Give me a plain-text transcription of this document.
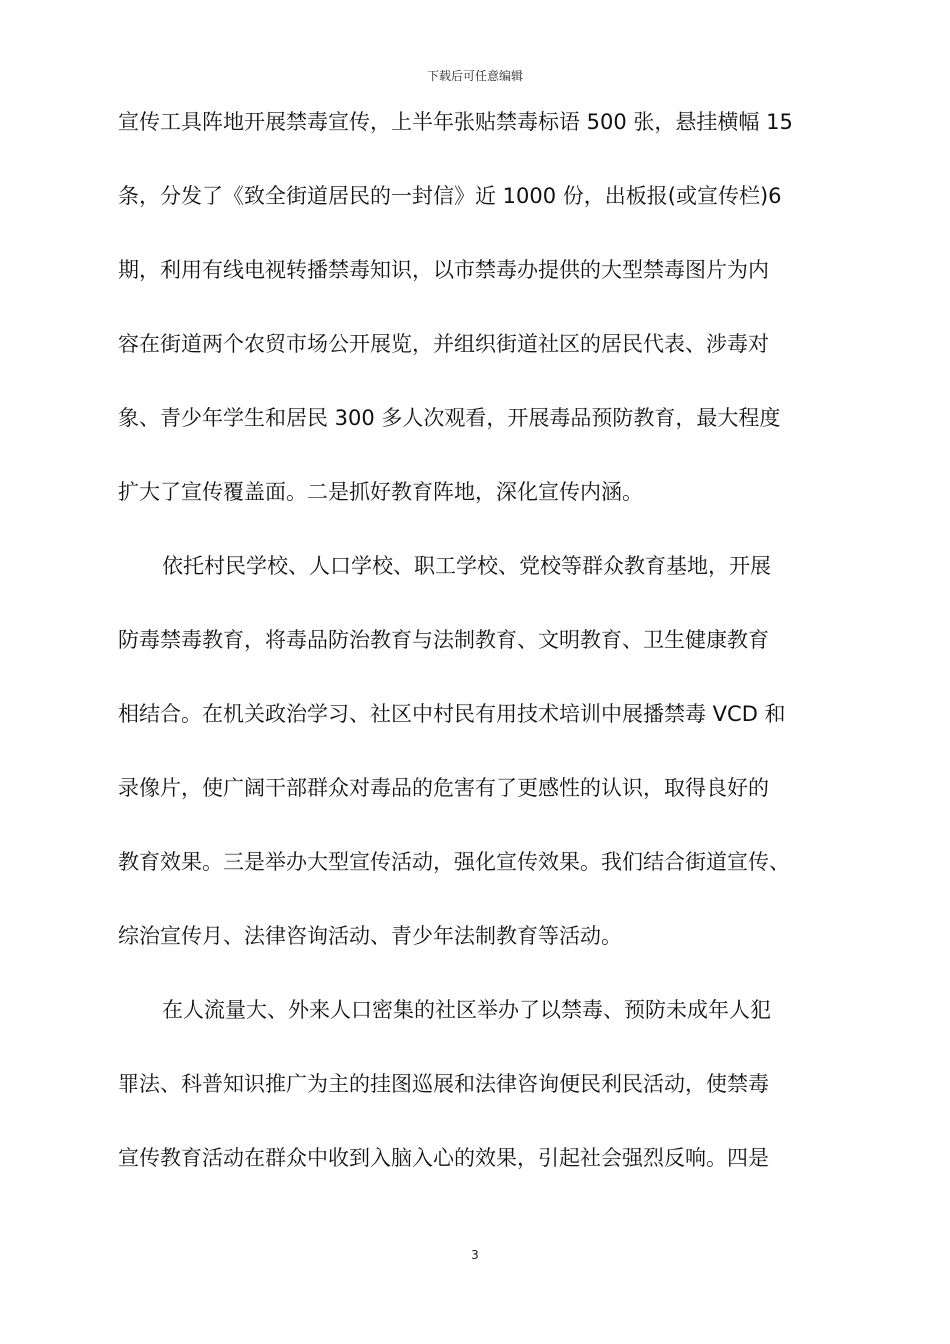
下载后可任意编辑
宣传工具阵地开展禁毒宣传，上半年张贴禁毒标语 500 张，悬挂横幅 15
条，分发了《致全街道居民的一封信》近 1000 份，出板报(或宣传栏)6
期，利用有线电视转播禁毒知识，以市禁毒办提供的大型禁毒图片为内
容在街道两个农贸市场公开展览，并组织街道社区的居民代表、涉毒对
象、青少年学生和居民 300 多人次观看，开展毒品预防教育，最大程度
扩大了宣传覆盖面。二是抓好教育阵地，深化宣传内涵。
依托村民学校、人口学校、职工学校、党校等群众教育基地，开展
防毒禁毒教育，将毒品防治教育与法制教育、文明教育、卫生健康教育
相结合。在机关政治学习、社区中村民有用技术培训中展播禁毒 VCD 和
录像片，使广阔干部群众对毒品的危害有了更感性的认识，取得良好的
教育效果。三是举办大型宣传活动，强化宣传效果。我们结合街道宣传、
综治宣传月、法律咨询活动、青少年法制教育等活动。
在人流量大、外来人口密集的社区举办了以禁毒、预防未成年人犯
罪法、科普知识推广为主的挂图巡展和法律咨询便民利民活动，使禁毒
宣传教育活动在群众中收到入脑入心的效果，引起社会强烈反响。四是
3
